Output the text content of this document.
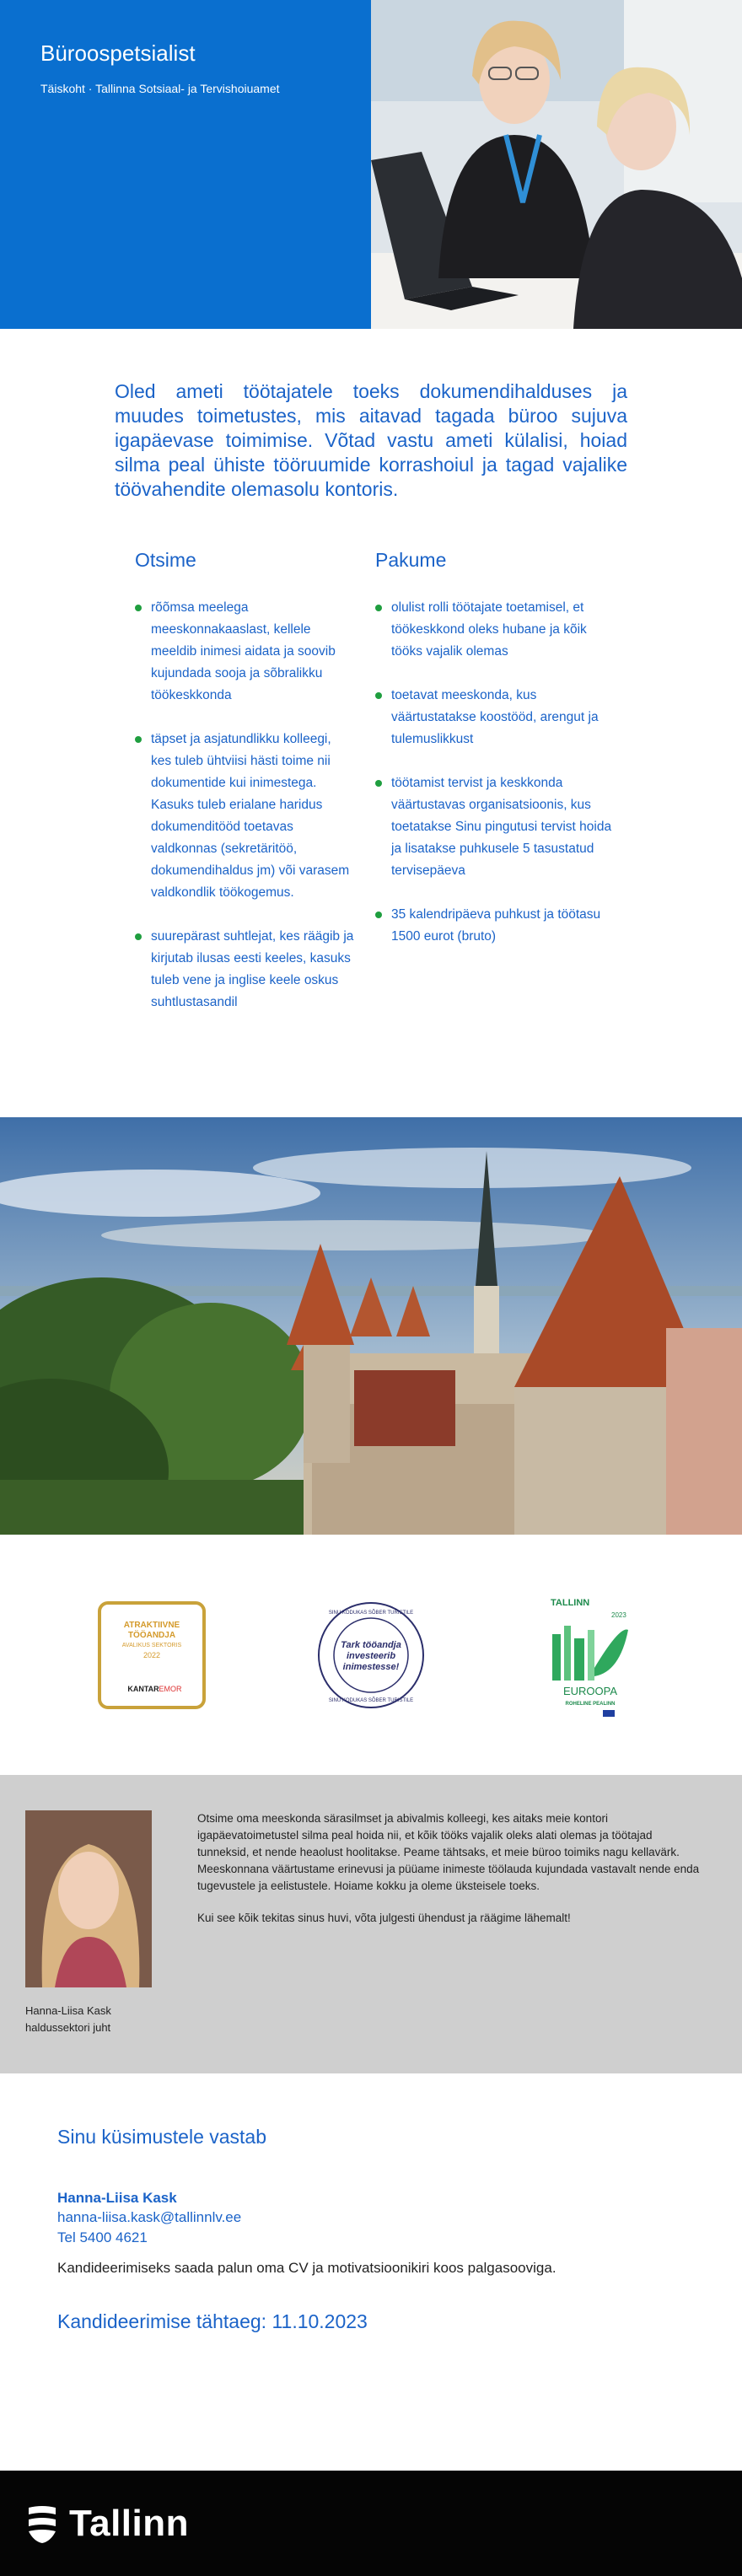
Büroospetsialist
Täiskoht · Tallinna Sotsiaal- ja Tervishoiuamet

Oled ameti töötajatele toeks dokumendihalduses ja muudes toimetustes, mis aitavad tagada büroo sujuva igapäevase toimimise. Võtad vastu ameti külalisi, hoiad silma peal ühiste tööruumide korrashoiul ja tagad vajalike töövahendite olemasolu kontoris.

Otsime
rõõmsa meelega meeskonnakaaslast, kellele meeldib inimesi aidata ja soovib kujundada sooja ja sõbralikku töökeskkonda
täpset ja asjatundlikku kolleegi, kes tuleb ühtviisi hästi toime nii dokumentide kui inimestega. Kasuks tuleb erialane haridus dokumenditööd toetavas valdkonnas (sekretäritöö, dokumendihaldus jm) või varasem valdkondlik töökogemus.
suurepärast suhtlejat, kes räägib ja kirjutab ilusas eesti keeles, kasuks tuleb vene ja inglise keele oskus suhtlustasandil
Pakume
olulist rolli töötajate toetamisel, et töökeskkond oleks hubane ja kõik tööks vajalik olemas
toetavat meeskonda, kus väärtustatakse koostööd, arengut ja tulemuslikkust
töötamist tervist ja keskkonda väärtustavas organisatsioonis, kus toetatakse Sinu pingutusi tervist hoida ja lisatakse puhkusele 5 tasustatud tervisepäeva
35 kalendripäeva puhkust ja töötasu 1500 eurot (bruto)
ATRAKTIIVNE
TÖÖANDJA
AVALIKUS SEKTORIS
2022
KANTAR EMOR
SINU KODUKAS SÕBER TURISTILE
Tark tööandja
investeerib
inimestesse!
SINU KODUKAS SÕBER TURISTILE
TALLINN
2023
EUROOPA
ROHELINE PEALINN
Hanna-Liisa Kask
haldussektori juht

Otsime oma meeskonda särasilmset ja abivalmis kolleegi, kes aitaks meie kontori igapäevatoimetustel silma peal hoida nii, et kõik tööks vajalik oleks alati olemas ja töötajad tunneksid, et nende heaolust hoolitakse. Peame tähtsaks, et meie büroo toimiks nagu kellavärk. Meeskonnana väärtustame erinevusi ja püüame inimeste töölauda kujundada vastavalt nende enda tugevustele ja eelistustele. Hoiame kokku ja oleme üksteisele toeks.

Kui see kõik tekitas sinus huvi, võta julgesti ühendust ja räägime lähemalt!

Sinu küsimustele vastab
Hanna-Liisa Kask
hanna-liisa.kask@tallinnlv.ee
Tel 5400 4621
Kandideerimiseks saada palun oma CV ja motivatsioonikiri koos palgasooviga.
Kandideerimise tähtaeg: 11.10.2023
Tallinn
